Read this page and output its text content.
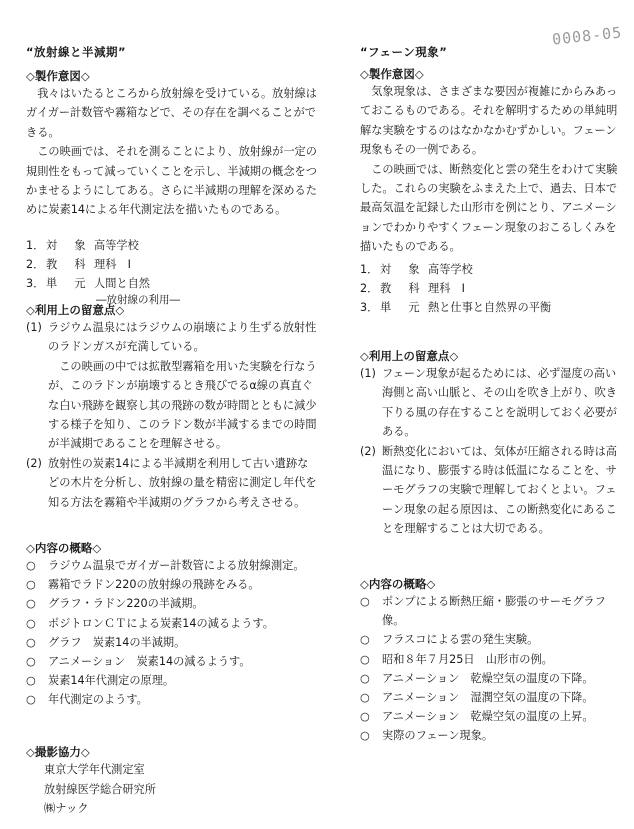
0008-05
“放射線と半減期”
◇製作意図◇

我々はいたるところから放射線を受けている。放射線はガイガー計数管や霧箱などで、その存在を調べることができる。

この映画では、それを測ることにより、放射線が一定の規則性をもって減っていくことを示し、半減期の概念をつかませるようにしてある。さらに半減期の理解を深めるために炭素14による年代測定法を描いたものである。

1． 対　象 高等学校
2． 教　科 理科　Ⅰ
3． 単　元 人間と自然
―放射線の利用―
◇利用上の留意点◇
(1) ラジウム温泉にはラジウムの崩壊により生ずる放射性のラドンガスが充満している。

この映画の中では拡散型霧箱を用いた実験を行なうが、このラドンが崩壊するとき飛びでるα線の真直ぐな白い飛跡を観察し其の飛跡の数が時間とともに減少する様子を知り、このラドン数が半減するまでの時間が半減期であることを理解させる。

(2) 放射性の炭素14による半減期を利用して古い遺跡などの木片を分析し、放射線の量を精密に測定し年代を知る方法を霧箱や半減期のグラフから考えさせる。
◇内容の概略◇
○	ラジウム温泉でガイガー計数管による放射線測定。
○	霧箱でラドン220の放射線の飛跡をみる。
○	グラフ・ラドン220の半減期。
○	ポジトロンＣＴによる炭素14の減るようす。
○	グラフ　炭素14の半減期。
○	アニメーション　炭素14の減るようす。
○	炭素14年代測定の原理。
○	年代測定のようす。
◇撮影協力◇
東京大学年代測定室
放射線医学総合研究所
㈱ナック
“フェーン現象”
◇製作意図◇

気象現象は、さまざまな要因が複雑にからみあっておこるものである。それを解明するための単純明解な実験をするのはなかなかむずかしい。フェーン現象もその一例である。

この映画では、断熱変化と雲の発生をわけて実験した。これらの実験をふまえた上で、過去、日本で最高気温を記録した山形市を例にとり、アニメーションでわかりやすくフェーン現象のおこるしくみを描いたものである。

1． 対　象 高等学校
2． 教　科 理科　Ⅰ
3． 単　元 熱と仕事と自然界の平衡
◇利用上の留意点◇
(1) フェーン現象が起るためには、必ず湿度の高い海側と高い山脈と、その山を吹き上がり、吹き下りる風の存在することを説明しておく必要がある。
(2) 断熱変化においては、気体が圧縮される時は高温になり、膨張する時は低温になることを、サーモグラフの実験で理解しておくとよい。フェーン現象の起る原因は、この断熱変化にあることを理解することは大切である。
◇内容の概略◇
○	ポンプによる断熱圧縮・膨張のサーモグラフ像。
○	フラスコによる雲の発生実験。
○	昭和８年７月25日　山形市の例。
○	アニメーション　乾燥空気の温度の下降。
○	アニメーション　湿潤空気の温度の下降。
○	アニメーション　乾燥空気の温度の上昇。
○	実際のフェーン現象。
